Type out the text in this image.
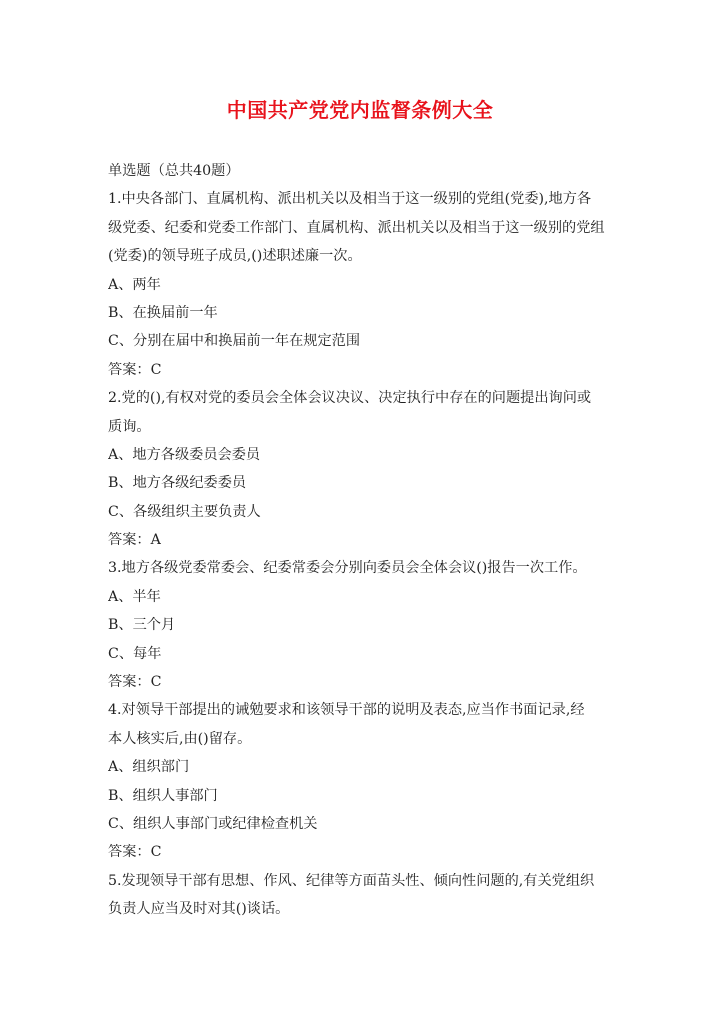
中国共产党党内监督条例大全
单选题（总共40题）
1.中央各部门、直属机构、派出机关以及相当于这一级别的党组(党委),地方各
级党委、纪委和党委工作部门、直属机构、派出机关以及相当于这一级别的党组
(党委)的领导班子成员,()述职述廉一次。
A、两年
B、在换届前一年
C、分别在届中和换届前一年在规定范围
答案：C
2.党的(),有权对党的委员会全体会议决议、决定执行中存在的问题提出询问或
质询。
A、地方各级委员会委员
B、地方各级纪委委员
C、各级组织主要负责人
答案：A
3.地方各级党委常委会、纪委常委会分别向委员会全体会议()报告一次工作。
A、半年
B、三个月
C、每年
答案：C
4.对领导干部提出的诫勉要求和该领导干部的说明及表态,应当作书面记录,经
本人核实后,由()留存。
A、组织部门
B、组织人事部门
C、组织人事部门或纪律检查机关
答案：C
5.发现领导干部有思想、作风、纪律等方面苗头性、倾向性问题的,有关党组织
负责人应当及时对其()谈话。
